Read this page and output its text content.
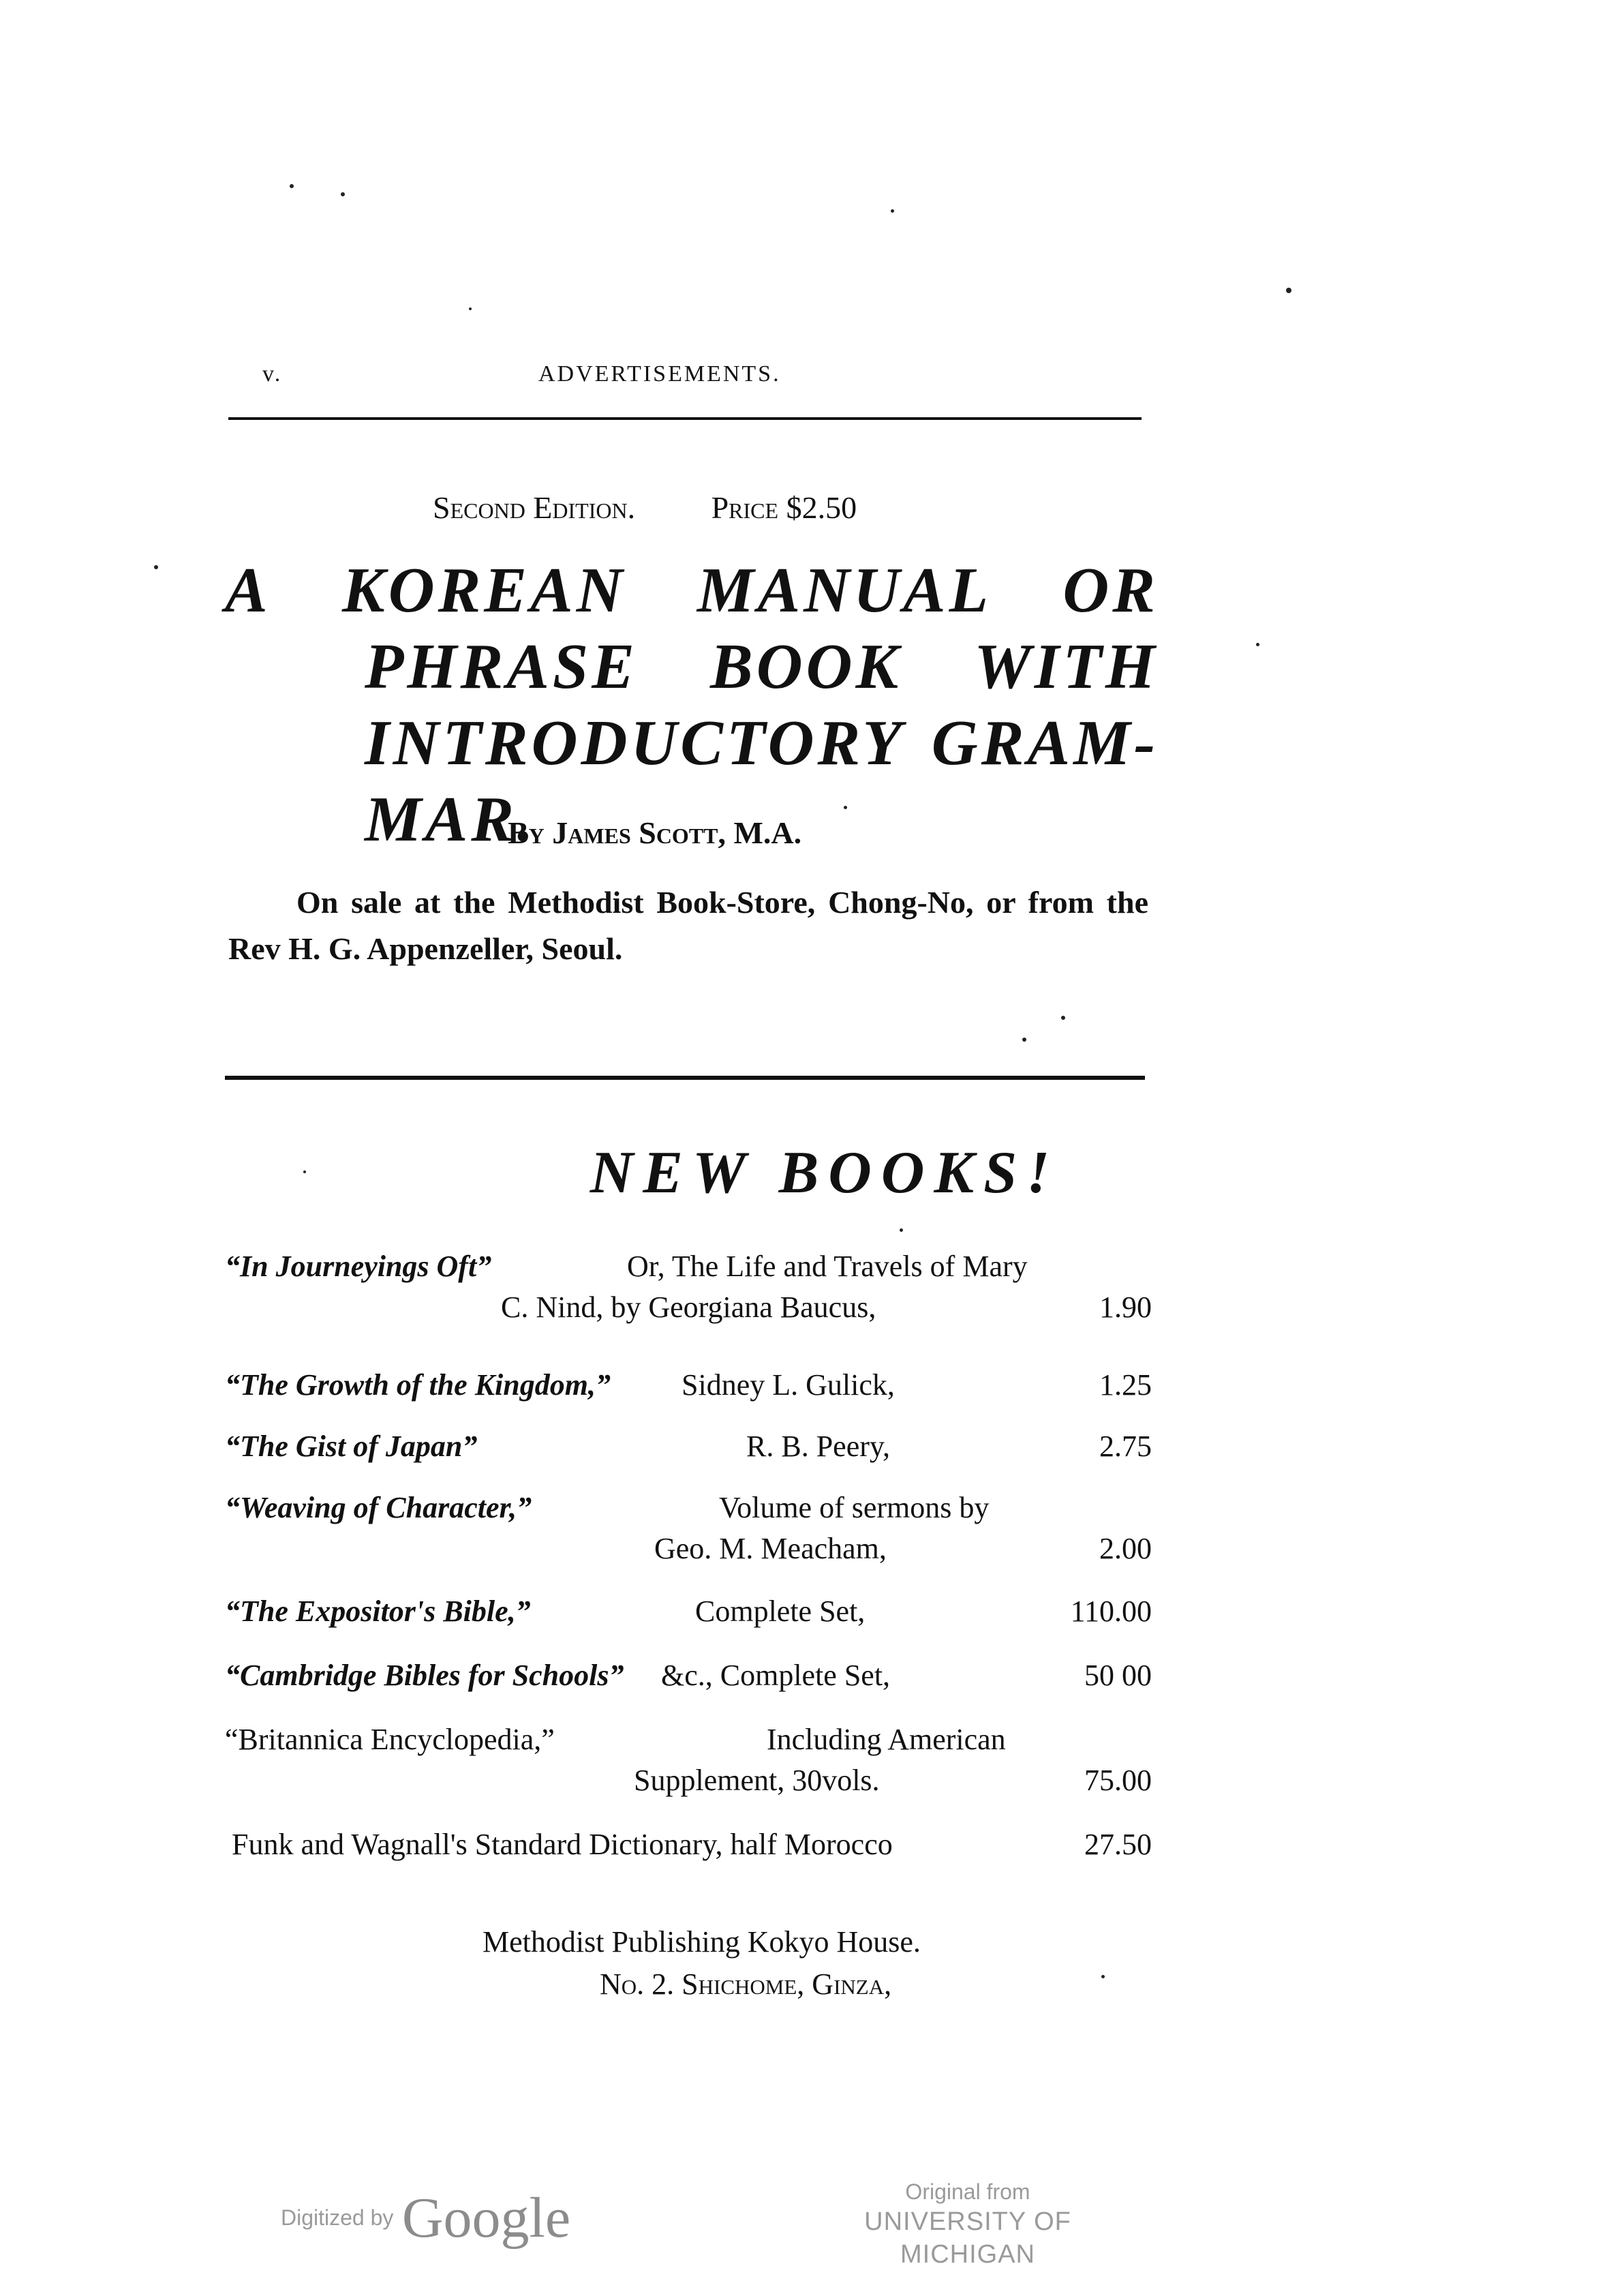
v.	ADVERTISEMENTS.
Second Edition. Price $2.50
A KOREAN MANUAL OR
PHRASE BOOK WITH
INTRODUCTORY GRAM-
MAR.
By James Scott, M.A.
On sale at the Methodist Book-Store, Chong-No, or from the Rev H. G. Appenzeller, Seoul.
NEW BOOKS!
“In Journeyings Oft”	Or, The Life and Travels of Mary
C. Nind, by Georgiana Baucus,	1.90
“The Growth of the Kingdom,” Sidney L. Gulick,	1.25
“The Gist of Japan”	R. B. Peery,	2.75
“Weaving of Character,”	Volume of sermons by
Geo. M. Meacham,	2.00
“The Expositor's Bible,”	Complete Set,	110.00
“Cambridge Bibles for Schools” &c., Complete Set,	50 00
“Britannica Encyclopedia,”	Including American
Supplement, 30vols.	75.00
Funk and Wagnall's Standard Dictionary, half Morocco	27.50
Methodist Publishing Kokyo House.
No. 2. Shichome, Ginza,
Digitized by Google	Original from
UNIVERSITY OF MICHIGAN
